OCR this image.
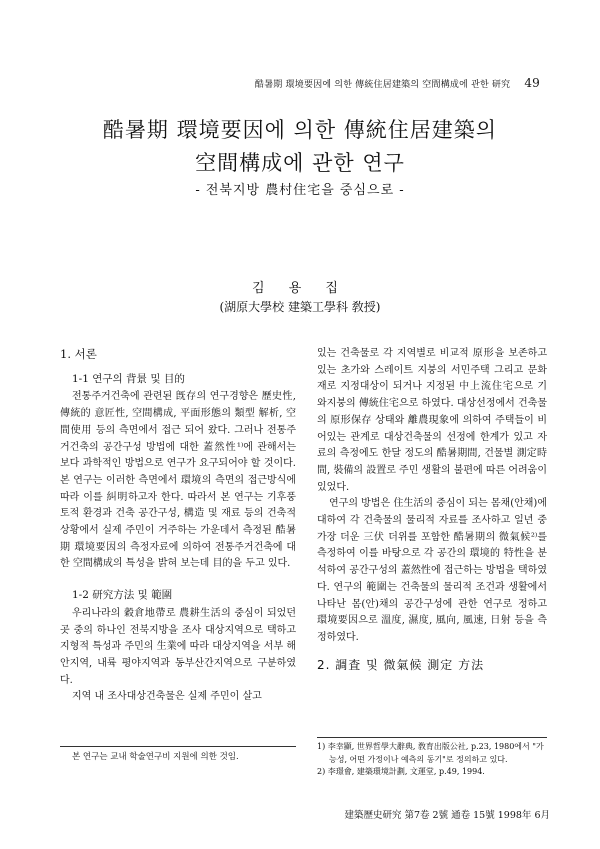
酷暑期 環境要因에 의한 傳統住居建築의 空間構成에 관한 研究 49
酷暑期 環境要因에 의한 傳統住居建築의
空間構成에 관한 연구
- 전북지방 農村住宅을 중심으로 -
김 용 집
(湖原大學校 建築工學科 敎授)
1. 서론
1-1 연구의 背景 및 目的

전통주거건축에 관련된 旣存의 연구경향은 歷史性, 傳統的 意匠性, 空間構成, 平面形態의 類型 解析, 空間使用 등의 측면에서 접근 되어 왔다. 그러나 전통주거건축의 공간구성 방법에 대한 蓋然性¹⁾에 관해서는 보다 과학적인 방법으로 연구가 요구되어야 할 것이다. 본 연구는 이러한 측면에서 環境의 측면의 접근방식에 따라 이를 糾明하고자 한다. 따라서 본 연구는 기후풍토적 환경과 건축 공간구성, 構造 및 재료 등의 건축적 상황에서 실제 주민이 거주하는 가운데서 측정된 酷暑期 環境要因의 측정자료에 의하여 전통주거건축에 대한 空間構成의 특성을 밝혀 보는데 目的을 두고 있다.

1-2 研究方法 및 範圍

우리나라의 穀倉地帶로 農耕生活의 중심이 되었던 곳 중의 하나인 전북지방을 조사 대상지역으로 택하고 지형적 특성과 주민의 生業에 따라 대상지역을 서부 해안지역, 내륙 평야지역과 동부산간지역으로 구분하였다.

지역 내 조사대상건축물은 실제 주민이 살고

본 연구는 교내 학술연구비 지원에 의한 것임.

있는 건축물로 각 지역별로 비교적 原形을 보존하고 있는 초가와 스레이트 지붕의 서민주택 그리고 문화재로 지정대상이 되거나 지정된 中上流住宅으로 기와지붕의 傳統住宅으로 하였다. 대상선정에서 건축물의 原形保存 상태와 離農現象에 의하여 주택들이 비어있는 관계로 대상건축물의 선정에 한계가 있고 자료의 측정에도 한달 정도의 酷暑期間, 건물별 測定時間, 裝備의 設置로 주민 생활의 불편에 따른 어려움이 있었다.

연구의 방법은 住生活의 중심이 되는 몸채(안채)에 대하여 각 건축물의 물리적 자료를 조사하고 일년 중 가장 더운 三伏 더위를 포함한 酷暑期의 微氣候²⁾를 측정하여 이를 바탕으로 각 공간의 環境的 特性을 분석하여 공간구성의 蓋然性에 접근하는 방법을 택하였다. 연구의 範圍는 건축물의 물리적 조건과 생활에서 나타난 몸(안)채의 공간구성에 관한 연구로 정하고 環境要因으로 溫度, 濕度, 風向, 風速, 日射 등을 측정하였다.

2. 調査 및 微氣候 測定 方法
1) 李幸顯, 世界哲學大辭典, 敎育出版公社, p.23, 1980에서 "가능성, 어떤 가정이나 예측의 동기"로 정의하고 있다.
2) 李璟會, 建築環境計劃, 文運堂, p.49, 1994.
建築歷史研究 第7卷 2號 通卷 15號 1998年 6月
